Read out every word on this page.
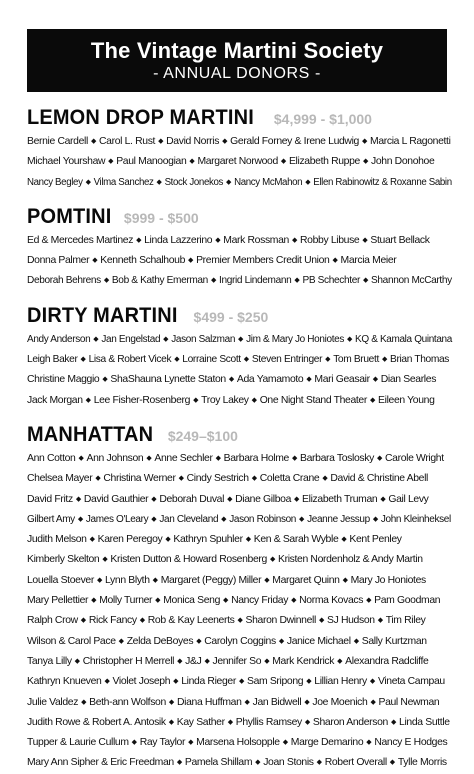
The Vintage Martini Society
- ANNUAL DONORS -
LEMON DROP MARTINI $4,999 - $1,000
Bernie Cardell ◆ Carol L. Rust ◆ David Norris ◆ Gerald Forney & Irene Ludwig ◆ Marcia L Ragonetti
Michael Yourshaw ◆ Paul Manoogian ◆ Margaret Norwood ◆ Elizabeth Ruppe ◆ John Donohoe
Nancy Begley ◆ Vilma Sanchez ◆ Stock Jonekos ◆ Nancy McMahon ◆ Ellen Rabinowitz & Roxanne Sabin
POMTINI $999 - $500
Ed & Mercedes Martinez ◆ Linda Lazzerino ◆ Mark Rossman ◆ Robby Libuse ◆ Stuart Bellack
Donna Palmer ◆ Kenneth Schalhoub ◆ Premier Members Credit Union ◆ Marcia Meier
Deborah Behrens ◆ Bob & Kathy Emerman ◆ Ingrid Lindemann ◆ PB Schechter ◆ Shannon McCarthy
DIRTY MARTINI $499 - $250
Andy Anderson ◆ Jan Engelstad ◆ Jason Salzman ◆ Jim & Mary Jo Honiotes ◆ KQ & Kamala Quintana
Leigh Baker ◆ Lisa & Robert Vicek ◆ Lorraine Scott ◆ Steven Entringer ◆ Tom Bruett ◆ Brian Thomas
Christine Maggio ◆ ShaShauna Lynette Staton ◆ Ada Yamamoto ◆ Mari Geasair ◆ Dian Searles
Jack Morgan ◆ Lee Fisher-Rosenberg ◆ Troy Lakey ◆ One Night Stand Theater ◆ Eileen Young
MANHATTAN $249–$100
Ann Cotton ◆ Ann Johnson ◆ Anne Sechler ◆ Barbara Holme ◆ Barbara Toslosky ◆ Carole Wright
Chelsea Mayer ◆ Christina Werner ◆ Cindy Sestrich ◆ Coletta Crane ◆ David & Christine Abell
David Fritz ◆ David Gauthier ◆ Deborah Duval ◆ Diane Gilboa ◆ Elizabeth Truman ◆ Gail Levy
Gilbert Amy ◆ James O'Leary ◆ Jan Cleveland ◆ Jason Robinson ◆ Jeanne Jessup ◆ John Kleinheksel
Judith Melson ◆ Karen Peregoy ◆ Kathryn Spuhler ◆ Ken & Sarah Wyble ◆ Kent Penley
Kimberly Skelton ◆ Kristen Dutton & Howard Rosenberg ◆ Kristen Nordenholz & Andy Martin
Louella Stoever ◆ Lynn Blyth ◆ Margaret (Peggy) Miller ◆ Margaret Quinn ◆ Mary Jo Honiotes
Mary Pellettier ◆ Molly Turner ◆ Monica Seng ◆ Nancy Friday ◆ Norma Kovacs ◆ Pam Goodman
Ralph Crow ◆ Rick Fancy ◆ Rob & Kay Leenerts ◆ Sharon Dwinnell ◆ SJ Hudson ◆ Tim Riley
Wilson & Carol Pace ◆ Zelda DeBoyes ◆ Carolyn Coggins ◆ Janice Michael ◆ Sally Kurtzman
Tanya Lilly ◆ Christopher H Merrell ◆ J&J ◆ Jennifer So ◆ Mark Kendrick ◆ Alexandra Radcliffe
Kathryn Knueven ◆ Violet Joseph ◆ Linda Rieger ◆ Sam Sripong ◆ Lillian Henry ◆ Vineta Campau
Julie Valdez ◆ Beth-ann Wolfson ◆ Diana Huffman ◆ Jan Bidwell ◆ Joe Moenich ◆ Paul Newman
Judith Rowe & Robert A. Antosik ◆ Kay Sather ◆ Phyllis Ramsey ◆ Sharon Anderson ◆ Linda Suttle
Tupper & Laurie Cullum ◆ Ray Taylor ◆ Marsena Holsopple ◆ Marge Demarino ◆ Nancy E Hodges
Mary Ann Sipher & Eric Freedman ◆ Pamela Shillam ◆ Joan Stonis ◆ Robert Overall ◆ Tylle Morris
